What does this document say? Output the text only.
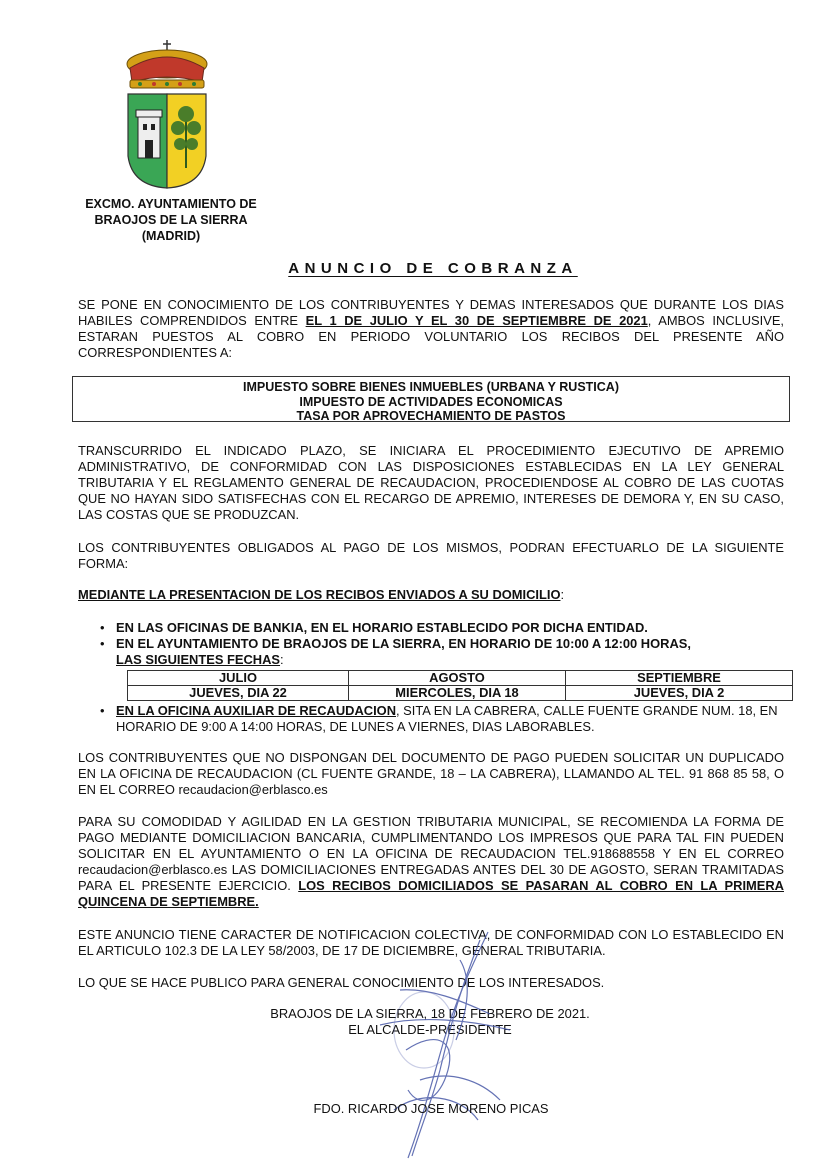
EXCMO. AYUNTAMIENTO DE
BRAOJOS DE LA SIERRA
(MADRID)
ANUNCIO DE COBRANZA
SE PONE EN CONOCIMIENTO DE LOS CONTRIBUYENTES Y DEMAS INTERESADOS QUE DURANTE LOS DIAS HABILES COMPRENDIDOS ENTRE EL 1 DE JULIO Y EL 30 DE SEPTIEMBRE DE 2021, AMBOS INCLUSIVE, ESTARAN PUESTOS AL COBRO EN PERIODO VOLUNTARIO LOS RECIBOS DEL PRESENTE AÑO CORRESPONDIENTES A:
IMPUESTO SOBRE BIENES INMUEBLES (URBANA Y RUSTICA)
IMPUESTO DE ACTIVIDADES ECONOMICAS
TASA POR APROVECHAMIENTO DE PASTOS
TRANSCURRIDO EL INDICADO PLAZO, SE INICIARA EL PROCEDIMIENTO EJECUTIVO DE APREMIO ADMINISTRATIVO, DE CONFORMIDAD CON LAS DISPOSICIONES ESTABLECIDAS EN LA LEY GENERAL TRIBUTARIA Y EL REGLAMENTO GENERAL DE RECAUDACION, PROCEDIENDOSE AL COBRO DE LAS CUOTAS QUE NO HAYAN SIDO SATISFECHAS CON EL RECARGO DE APREMIO, INTERESES DE DEMORA Y, EN SU CASO, LAS COSTAS QUE SE PRODUZCAN.
LOS CONTRIBUYENTES OBLIGADOS AL PAGO DE LOS MISMOS, PODRAN EFECTUARLO DE LA SIGUIENTE FORMA:
MEDIANTE LA PRESENTACION DE LOS RECIBOS ENVIADOS A SU DOMICILIO:
• EN LAS OFICINAS DE BANKIA, EN EL HORARIO ESTABLECIDO POR DICHA ENTIDAD.
• EN EL AYUNTAMIENTO DE BRAOJOS DE LA SIERRA, EN HORARIO DE 10:00 A 12:00 HORAS,
LAS SIGUIENTES FECHAS:
JULIO	AGOSTO	SEPTIEMBRE
JUEVES, DIA 22	MIERCOLES, DIA 18	JUEVES, DIA 2
• EN LA OFICINA AUXILIAR DE RECAUDACION, SITA EN LA CABRERA, CALLE FUENTE GRANDE NUM. 18, EN HORARIO DE 9:00 A 14:00 HORAS, DE LUNES A VIERNES, DIAS LABORABLES.
LOS CONTRIBUYENTES QUE NO DISPONGAN DEL DOCUMENTO DE PAGO PUEDEN SOLICITAR UN DUPLICADO EN LA OFICINA DE RECAUDACION (CL FUENTE GRANDE, 18 – LA CABRERA), LLAMANDO AL TEL. 91 868 85 58, O EN EL CORREO recaudacion@erblasco.es
PARA SU COMODIDAD Y AGILIDAD EN LA GESTION TRIBUTARIA MUNICIPAL, SE RECOMIENDA LA FORMA DE PAGO MEDIANTE DOMICILIACION BANCARIA, CUMPLIMENTANDO LOS IMPRESOS QUE PARA TAL FIN PUEDEN SOLICITAR EN EL AYUNTAMIENTO O EN LA OFICINA DE RECAUDACION TEL.918688558 Y EN EL CORREO recaudacion@erblasco.es LAS DOMICILIACIONES ENTREGADAS ANTES DEL 30 DE AGOSTO, SERAN TRAMITADAS PARA EL PRESENTE EJERCICIO. LOS RECIBOS DOMICILIADOS SE PASARAN AL COBRO EN LA PRIMERA QUINCENA DE SEPTIEMBRE.
ESTE ANUNCIO TIENE CARACTER DE NOTIFICACION COLECTIVA, DE CONFORMIDAD CON LO ESTABLECIDO EN EL ARTICULO 102.3 DE LA LEY 58/2003, DE 17 DE DICIEMBRE, GENERAL TRIBUTARIA.
LO QUE SE HACE PUBLICO PARA GENERAL CONOCIMIENTO DE LOS INTERESADOS.
BRAOJOS DE LA SIERRA, 18 DE FEBRERO DE 2021.
EL ALCALDE-PRESIDENTE
FDO. RICARDO JOSE MORENO PICAS
